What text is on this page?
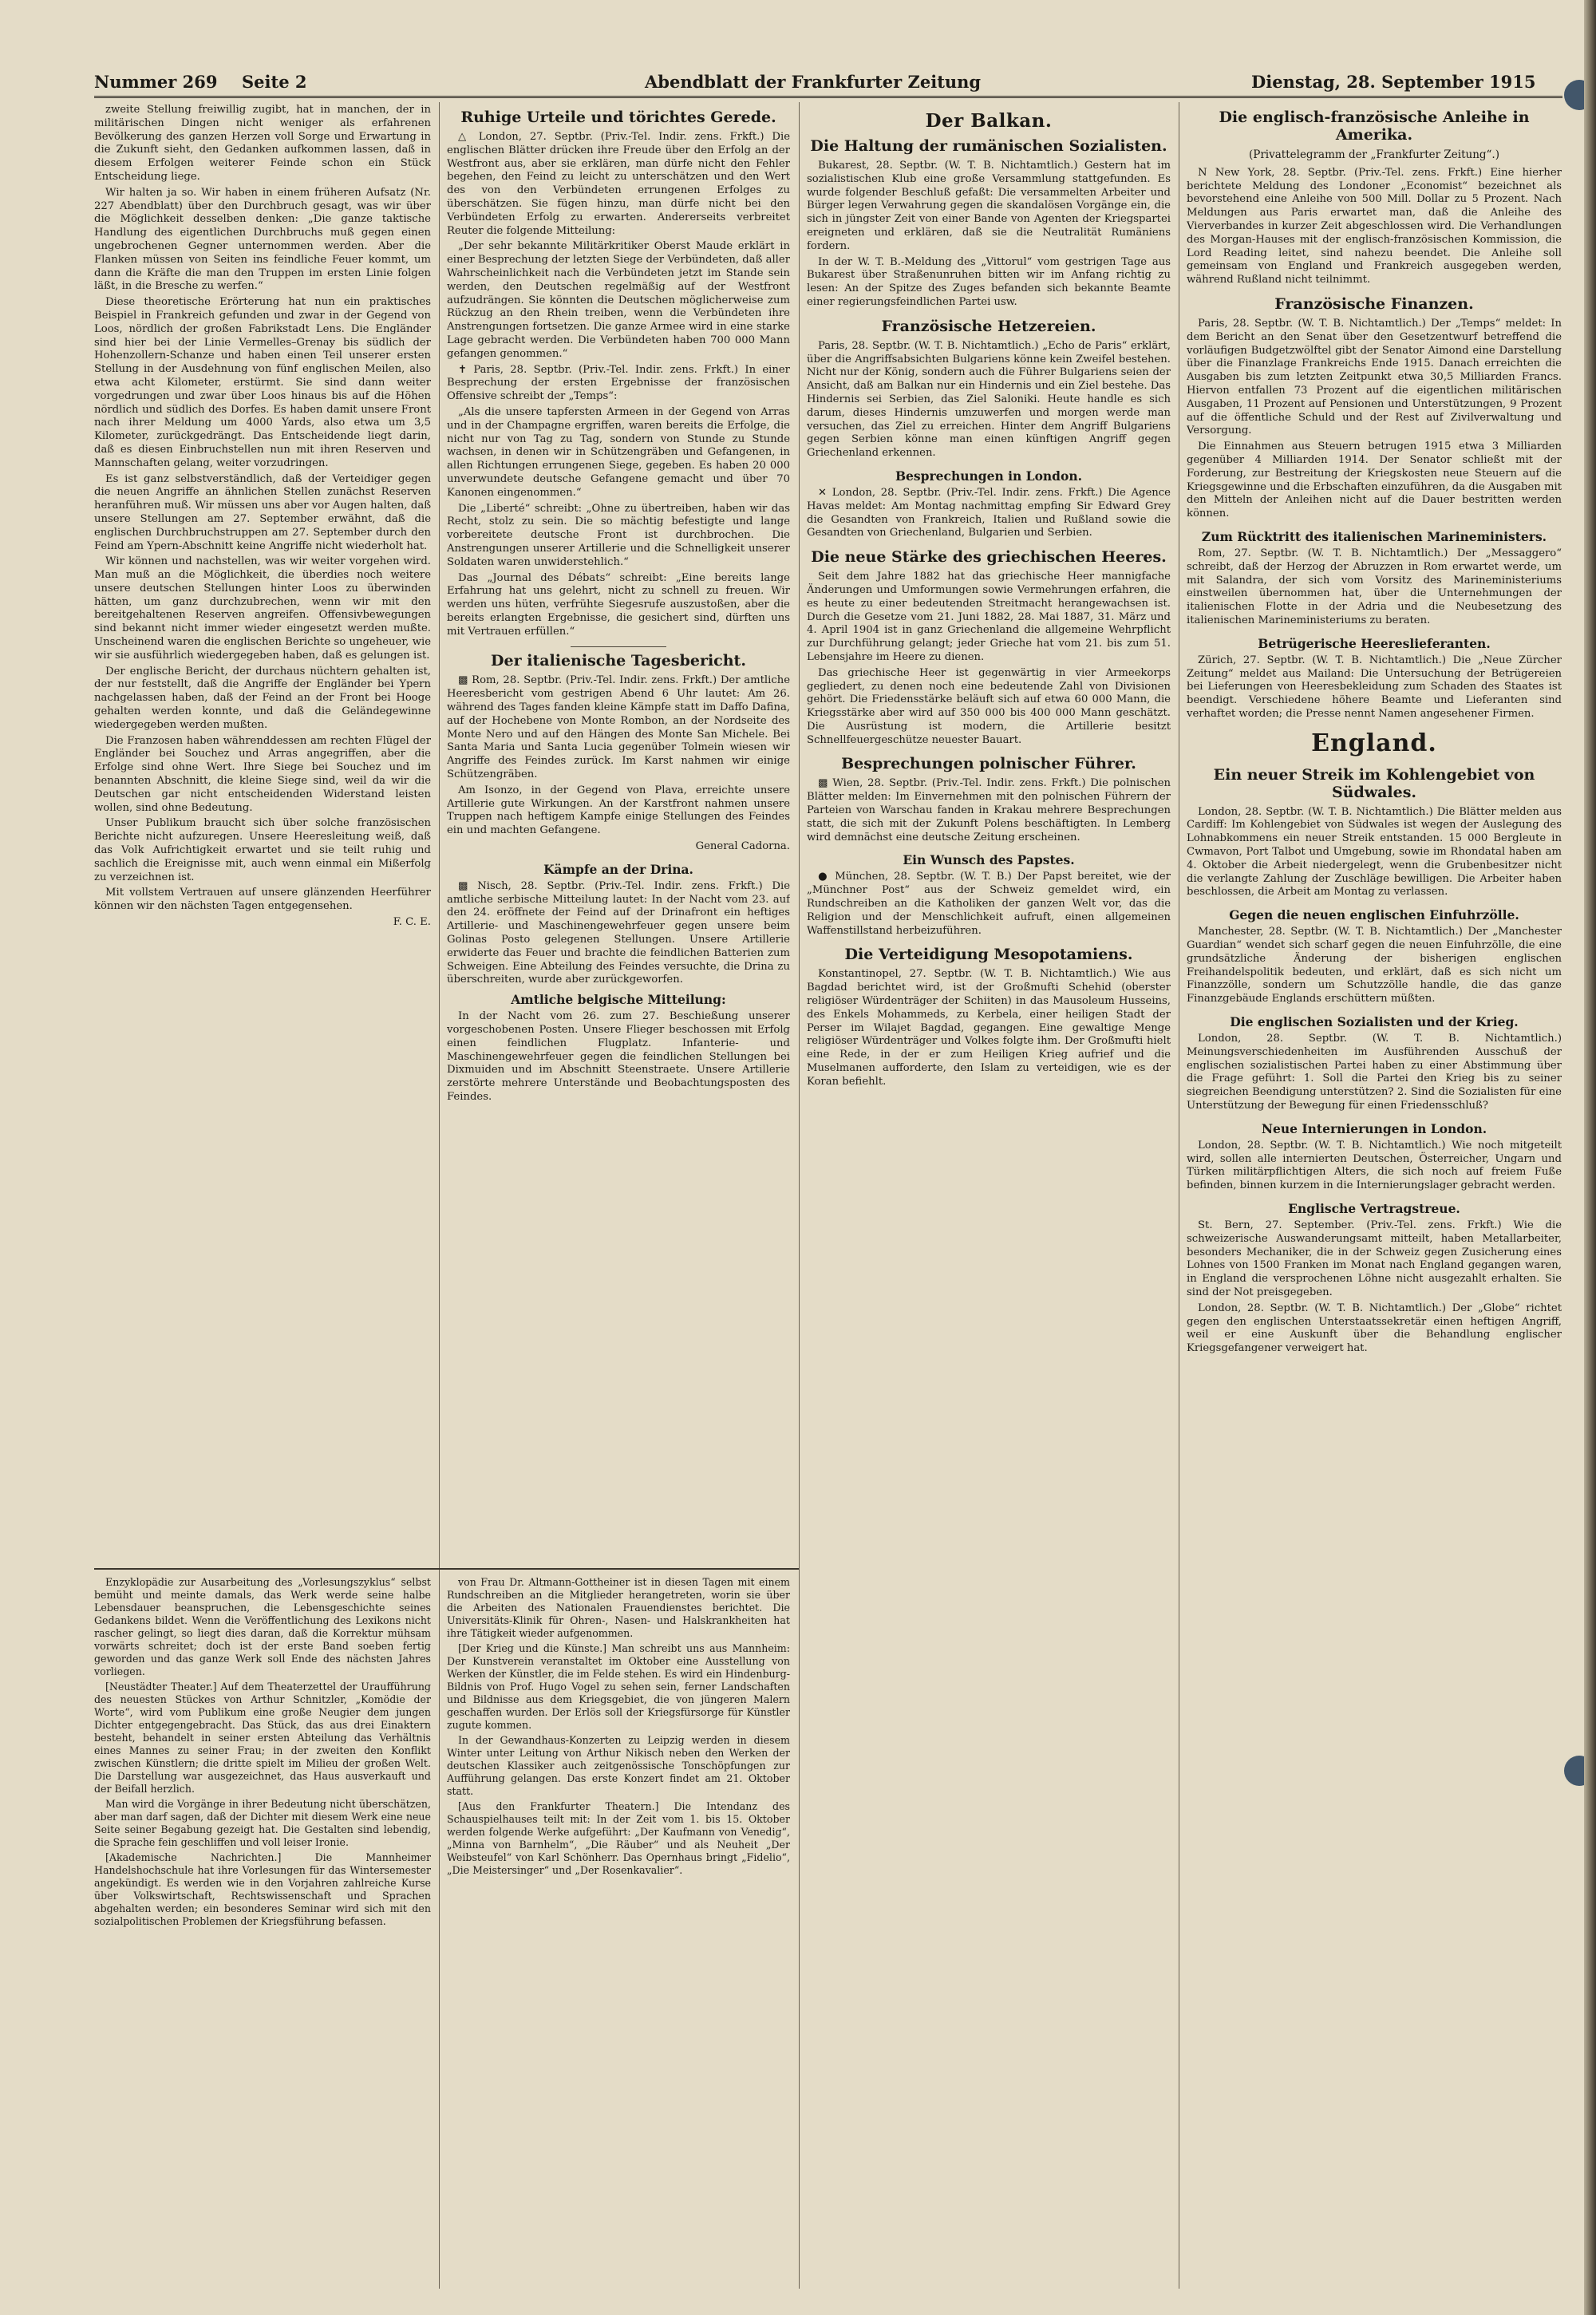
Nummer 269 Seite 2	Abendblatt der Frankfurter Zeitung	Dienstag, 28. September 1915

zweite Stellung freiwillig zugibt, hat in manchen, der in militärischen Dingen nicht weniger als erfahrenen Bevölkerung des ganzen Herzen voll Sorge und Erwartung in die Zukunft sieht, den Gedanken aufkommen lassen, daß in diesem Erfolgen weiterer Feinde schon ein Stück Entscheidung liege.

Wir halten ja so. Wir haben in einem früheren Aufsatz (Nr. 227 Abendblatt) über den Durchbruch gesagt, was wir über die Möglichkeit desselben denken: „Die ganze taktische Handlung des eigentlichen Durchbruchs muß gegen einen ungebrochenen Gegner unternommen werden. Aber die Flanken müssen von Seiten ins feindliche Feuer kommt, um dann die Kräfte die man den Truppen im ersten Linie folgen läßt, in die Bresche zu werfen.“

Diese theoretische Erörterung hat nun ein praktisches Beispiel in Frankreich gefunden und zwar in der Gegend von Loos, nördlich der großen Fabrikstadt Lens. Die Engländer sind hier bei der Linie Vermelles–Grenay bis südlich der Hohenzollern-Schanze und haben einen Teil unserer ersten Stellung in der Ausdehnung von fünf englischen Meilen, also etwa acht Kilometer, erstürmt. Sie sind dann weiter vorgedrungen und zwar über Loos hinaus bis auf die Höhen nördlich und südlich des Dorfes. Es haben damit unsere Front nach ihrer Meldung um 4000 Yards, also etwa um 3,5 Kilometer, zurückgedrängt. Das Entscheidende liegt darin, daß es diesen Einbruchstellen nun mit ihren Reserven und Mannschaften gelang, weiter vorzudringen.

Es ist ganz selbstverständlich, daß der Verteidiger gegen die neuen Angriffe an ähnlichen Stellen zunächst Reserven heranführen muß. Wir müssen uns aber vor Augen halten, daß unsere Stellungen am 27. September erwähnt, daß die englischen Durchbruchstruppen am 27. September durch den Feind am Ypern-Abschnitt keine Angriffe nicht wiederholt hat.

Wir können und nachstellen, was wir weiter vorgehen wird. Man muß an die Möglichkeit, die überdies noch weitere unsere deutschen Stellungen hinter Loos zu überwinden hätten, um ganz durchzubrechen, wenn wir mit den bereitgehaltenen Reserven angreifen. Offensivbewegungen sind bekannt nicht immer wieder eingesetzt werden mußte. Unscheinend waren die englischen Berichte so ungeheuer, wie wir sie ausführlich wiedergegeben haben, daß es gelungen ist.

Der englische Bericht, der durchaus nüchtern gehalten ist, der nur feststellt, daß die Angriffe der Engländer bei Ypern nachgelassen haben, daß der Feind an der Front bei Hooge gehalten werden konnte, und daß die Geländegewinne wiedergegeben werden mußten.

Die Franzosen haben währenddessen am rechten Flügel der Engländer bei Souchez und Arras angegriffen, aber die Erfolge sind ohne Wert. Ihre Siege bei Souchez und im benannten Abschnitt, die kleine Siege sind, weil da wir die Deutschen gar nicht entscheidenden Widerstand leisten wollen, sind ohne Bedeutung.

Unser Publikum braucht sich über solche französischen Berichte nicht aufzuregen. Unsere Heeresleitung weiß, daß das Volk Aufrichtigkeit erwartet und sie teilt ruhig und sachlich die Ereignisse mit, auch wenn einmal ein Mißerfolg zu verzeichnen ist.

Mit vollstem Vertrauen auf unsere glänzenden Heerführer können wir den nächsten Tagen entgegensehen.

F. C. E.
Ruhige Urteile und törichtes Gerede.

△ London, 27. Septbr. (Priv.-Tel. Indir. zens. Frkft.) Die englischen Blätter drücken ihre Freude über den Erfolg an der Westfront aus, aber sie erklären, man dürfe nicht den Fehler begehen, den Feind zu leicht zu unterschätzen und den Wert des von den Verbündeten errungenen Erfolges zu überschätzen. Sie fügen hinzu, man dürfe nicht bei den Verbündeten Erfolg zu erwarten. Andererseits verbreitet Reuter die folgende Mitteilung:

„Der sehr bekannte Militärkritiker Oberst Maude erklärt in einer Besprechung der letzten Siege der Verbündeten, daß aller Wahrscheinlichkeit nach die Verbündeten jetzt im Stande sein werden, den Deutschen regelmäßig auf der Westfront aufzudrängen. Sie könnten die Deutschen möglicherweise zum Rückzug an den Rhein treiben, wenn die Verbündeten ihre Anstrengungen fortsetzen. Die ganze Armee wird in eine starke Lage gebracht werden. Die Verbündeten haben 700 000 Mann gefangen genommen.“

✝ Paris, 28. Septbr. (Priv.-Tel. Indir. zens. Frkft.) In einer Besprechung der ersten Ergebnisse der französischen Offensive schreibt der „Temps“:

„Als die unsere tapfersten Armeen in der Gegend von Arras und in der Champagne ergriffen, waren bereits die Erfolge, die nicht nur von Tag zu Tag, sondern von Stunde zu Stunde wachsen, in denen wir in Schützengräben und Gefangenen, in allen Richtungen errungenen Siege, gegeben. Es haben 20 000 unverwundete deutsche Gefangene gemacht und über 70 Kanonen eingenommen.“

Die „Liberté“ schreibt: „Ohne zu übertreiben, haben wir das Recht, stolz zu sein. Die so mächtig befestigte und lange vorbereitete deutsche Front ist durchbrochen. Die Anstrengungen unserer Artillerie und die Schnelligkeit unserer Soldaten waren unwiderstehlich.“

Das „Journal des Débats“ schreibt: „Eine bereits lange Erfahrung hat uns gelehrt, nicht zu schnell zu freuen. Wir werden uns hüten, verfrühte Siegesrufe auszustoßen, aber die bereits erlangten Ergebnisse, die gesichert sind, dürften uns mit Vertrauen erfüllen.“

Der italienische Tagesbericht.

▩ Rom, 28. Septbr. (Priv.-Tel. Indir. zens. Frkft.) Der amtliche Heeresbericht vom gestrigen Abend 6 Uhr lautet: Am 26. während des Tages fanden kleine Kämpfe statt im Daffo Dafina, auf der Hochebene von Monte Rombon, an der Nordseite des Monte Nero und auf den Hängen des Monte San Michele. Bei Santa Maria und Santa Lucia gegenüber Tolmein wiesen wir Angriffe des Feindes zurück. Im Karst nahmen wir einige Schützengräben.

Am Isonzo, in der Gegend von Plava, erreichte unsere Artillerie gute Wirkungen. An der Karstfront nahmen unsere Truppen nach heftigem Kampfe einige Stellungen des Feindes ein und machten Gefangene.

General Cadorna.
Kämpfe an der Drina.

▩ Nisch, 28. Septbr. (Priv.-Tel. Indir. zens. Frkft.) Die amtliche serbische Mitteilung lautet: In der Nacht vom 23. auf den 24. eröffnete der Feind auf der Drinafront ein heftiges Artillerie- und Maschinengewehrfeuer gegen unsere beim Golinas Posto gelegenen Stellungen. Unsere Artillerie erwiderte das Feuer und brachte die feindlichen Batterien zum Schweigen. Eine Abteilung des Feindes versuchte, die Drina zu überschreiten, wurde aber zurückgeworfen.

Amtliche belgische Mitteilung:

In der Nacht vom 26. zum 27. Beschießung unserer vorgeschobenen Posten. Unsere Flieger beschossen mit Erfolg einen feindlichen Flugplatz. Infanterie- und Maschinengewehrfeuer gegen die feindlichen Stellungen bei Dixmuiden und im Abschnitt Steenstraete. Unsere Artillerie zerstörte mehrere Unterstände und Beobachtungsposten des Feindes.

Der Balkan.
Die Haltung der rumänischen Sozialisten.

Bukarest, 28. Septbr. (W. T. B. Nichtamtlich.) Gestern hat im sozialistischen Klub eine große Versammlung stattgefunden. Es wurde folgender Beschluß gefaßt: Die versammelten Arbeiter und Bürger legen Verwahrung gegen die skandalösen Vorgänge ein, die sich in jüngster Zeit von einer Bande von Agenten der Kriegspartei ereigneten und erklären, daß sie die Neutralität Rumäniens fordern.

In der W. T. B.-Meldung des „Vittorul“ vom gestrigen Tage aus Bukarest über Straßenunruhen bitten wir im Anfang richtig zu lesen: An der Spitze des Zuges befanden sich bekannte Beamte einer regierungsfeindlichen Partei usw.

Französische Hetzereien.

Paris, 28. Septbr. (W. T. B. Nichtamtlich.) „Echo de Paris“ erklärt, über die Angriffsabsichten Bulgariens könne kein Zweifel bestehen. Nicht nur der König, sondern auch die Führer Bulgariens seien der Ansicht, daß am Balkan nur ein Hindernis und ein Ziel bestehe. Das Hindernis sei Serbien, das Ziel Saloniki. Heute handle es sich darum, dieses Hindernis umzuwerfen und morgen werde man versuchen, das Ziel zu erreichen. Hinter dem Angriff Bulgariens gegen Serbien könne man einen künftigen Angriff gegen Griechenland erkennen.

Besprechungen in London.

✕ London, 28. Septbr. (Priv.-Tel. Indir. zens. Frkft.) Die Agence Havas meldet: Am Montag nachmittag empfing Sir Edward Grey die Gesandten von Frankreich, Italien und Rußland sowie die Gesandten von Griechenland, Bulgarien und Serbien.

Die neue Stärke des griechischen Heeres.

Seit dem Jahre 1882 hat das griechische Heer mannigfache Änderungen und Umformungen sowie Vermehrungen erfahren, die es heute zu einer bedeutenden Streitmacht herangewachsen ist. Durch die Gesetze vom 21. Juni 1882, 28. Mai 1887, 31. März und 4. April 1904 ist in ganz Griechenland die allgemeine Wehrpflicht zur Durchführung gelangt; jeder Grieche hat vom 21. bis zum 51. Lebensjahre im Heere zu dienen.

Das griechische Heer ist gegenwärtig in vier Armeekorps gegliedert, zu denen noch eine bedeutende Zahl von Divisionen gehört. Die Friedensstärke beläuft sich auf etwa 60 000 Mann, die Kriegsstärke aber wird auf 350 000 bis 400 000 Mann geschätzt. Die Ausrüstung ist modern, die Artillerie besitzt Schnellfeuergeschütze neuester Bauart.

Besprechungen polnischer Führer.

▩ Wien, 28. Septbr. (Priv.-Tel. Indir. zens. Frkft.) Die polnischen Blätter melden: Im Einvernehmen mit den polnischen Führern der Parteien von Warschau fanden in Krakau mehrere Besprechungen statt, die sich mit der Zukunft Polens beschäftigten. In Lemberg wird demnächst eine deutsche Zeitung erscheinen.

Ein Wunsch des Papstes.

● München, 28. Septbr. (W. T. B.) Der Papst bereitet, wie der „Münchner Post“ aus der Schweiz gemeldet wird, ein Rundschreiben an die Katholiken der ganzen Welt vor, das die Religion und der Menschlichkeit aufruft, einen allgemeinen Waffenstillstand herbeizuführen.

Die Verteidigung Mesopotamiens.

Konstantinopel, 27. Septbr. (W. T. B. Nichtamtlich.) Wie aus Bagdad berichtet wird, ist der Großmufti Schehid (oberster religiöser Würdenträger der Schiiten) in das Mausoleum Husseins, des Enkels Mohammeds, zu Kerbela, einer heiligen Stadt der Perser im Wilajet Bagdad, gegangen. Eine gewaltige Menge religiöser Würdenträger und Volkes folgte ihm. Der Großmufti hielt eine Rede, in der er zum Heiligen Krieg aufrief und die Muselmanen aufforderte, den Islam zu verteidigen, wie es der Koran befiehlt.

Die englisch-französische Anleihe in Amerika.
(Privattelegramm der „Frankfurter Zeitung“.)

N New York, 28. Septbr. (Priv.-Tel. zens. Frkft.) Eine hierher berichtete Meldung des Londoner „Economist“ bezeichnet als bevorstehend eine Anleihe von 500 Mill. Dollar zu 5 Prozent. Nach Meldungen aus Paris erwartet man, daß die Anleihe des Vierverbandes in kurzer Zeit abgeschlossen wird. Die Verhandlungen des Morgan-Hauses mit der englisch-französischen Kommission, die Lord Reading leitet, sind nahezu beendet. Die Anleihe soll gemeinsam von England und Frankreich ausgegeben werden, während Rußland nicht teilnimmt.

Französische Finanzen.

Paris, 28. Septbr. (W. T. B. Nichtamtlich.) Der „Temps“ meldet: In dem Bericht an den Senat über den Gesetzentwurf betreffend die vorläufigen Budgetzwölftel gibt der Senator Aimond eine Darstellung über die Finanzlage Frankreichs Ende 1915. Danach erreichten die Ausgaben bis zum letzten Zeitpunkt etwa 30,5 Milliarden Francs. Hiervon entfallen 73 Prozent auf die eigentlichen militärischen Ausgaben, 11 Prozent auf Pensionen und Unterstützungen, 9 Prozent auf die öffentliche Schuld und der Rest auf Zivilverwaltung und Versorgung.

Die Einnahmen aus Steuern betrugen 1915 etwa 3 Milliarden gegenüber 4 Milliarden 1914. Der Senator schließt mit der Forderung, zur Bestreitung der Kriegskosten neue Steuern auf die Kriegsgewinne und die Erbschaften einzuführen, da die Ausgaben mit den Mitteln der Anleihen nicht auf die Dauer bestritten werden können.

Zum Rücktritt des italienischen Marineministers.

Rom, 27. Septbr. (W. T. B. Nichtamtlich.) Der „Messaggero“ schreibt, daß der Herzog der Abruzzen in Rom erwartet werde, um mit Salandra, der sich vom Vorsitz des Marineministeriums einstweilen übernommen hat, über die Unternehmungen der italienischen Flotte in der Adria und die Neubesetzung des italienischen Marineministeriums zu beraten.

Betrügerische Heereslieferanten.

Zürich, 27. Septbr. (W. T. B. Nichtamtlich.) Die „Neue Zürcher Zeitung“ meldet aus Mailand: Die Untersuchung der Betrügereien bei Lieferungen von Heeresbekleidung zum Schaden des Staates ist beendigt. Verschiedene höhere Beamte und Lieferanten sind verhaftet worden; die Presse nennt Namen angesehener Firmen.

England.
Ein neuer Streik im Kohlengebiet von Südwales.

London, 28. Septbr. (W. T. B. Nichtamtlich.) Die Blätter melden aus Cardiff: Im Kohlengebiet von Südwales ist wegen der Auslegung des Lohnabkommens ein neuer Streik entstanden. 15 000 Bergleute in Cwmavon, Port Talbot und Umgebung, sowie im Rhondatal haben am 4. Oktober die Arbeit niedergelegt, wenn die Grubenbesitzer nicht die verlangte Zahlung der Zuschläge bewilligen. Die Arbeiter haben beschlossen, die Arbeit am Montag zu verlassen.

Gegen die neuen englischen Einfuhrzölle.

Manchester, 28. Septbr. (W. T. B. Nichtamtlich.) Der „Manchester Guardian“ wendet sich scharf gegen die neuen Einfuhrzölle, die eine grundsätzliche Änderung der bisherigen englischen Freihandelspolitik bedeuten, und erklärt, daß es sich nicht um Finanzzölle, sondern um Schutzzölle handle, die das ganze Finanzgebäude Englands erschüttern müßten.

Die englischen Sozialisten und der Krieg.

London, 28. Septbr. (W. T. B. Nichtamtlich.) Meinungsverschiedenheiten im Ausführenden Ausschuß der englischen sozialistischen Partei haben zu einer Abstimmung über die Frage geführt: 1. Soll die Partei den Krieg bis zu seiner siegreichen Beendigung unterstützen? 2. Sind die Sozialisten für eine Unterstützung der Bewegung für einen Friedensschluß?

Neue Internierungen in London.

London, 28. Septbr. (W. T. B. Nichtamtlich.) Wie noch mitgeteilt wird, sollen alle internierten Deutschen, Österreicher, Ungarn und Türken militärpflichtigen Alters, die sich noch auf freiem Fuße befinden, binnen kurzem in die Internierungslager gebracht werden.

Englische Vertragstreue.

St. Bern, 27. September. (Priv.-Tel. zens. Frkft.) Wie die schweizerische Auswanderungsamt mitteilt, haben Metallarbeiter, besonders Mechaniker, die in der Schweiz gegen Zusicherung eines Lohnes von 1500 Franken im Monat nach England gegangen waren, in England die versprochenen Löhne nicht ausgezahlt erhalten. Sie sind der Not preisgegeben.

London, 28. Septbr. (W. T. B. Nichtamtlich.) Der „Globe“ richtet gegen den englischen Unterstaatssekretär einen heftigen Angriff, weil er eine Auskunft über die Behandlung englischer Kriegsgefangener verweigert hat.

Enzyklopädie zur Ausarbeitung des „Vorlesungszyklus“ selbst bemüht und meinte damals, das Werk werde seine halbe Lebensdauer beanspruchen, die Lebensgeschichte seines Gedankens bildet. Wenn die Veröffentlichung des Lexikons nicht rascher gelingt, so liegt dies daran, daß die Korrektur mühsam vorwärts schreitet; doch ist der erste Band soeben fertig geworden und das ganze Werk soll Ende des nächsten Jahres vorliegen.

[Neustädter Theater.] Auf dem Theaterzettel der Uraufführung des neuesten Stückes von Arthur Schnitzler, „Komödie der Worte“, wird vom Publikum eine große Neugier dem jungen Dichter entgegengebracht. Das Stück, das aus drei Einaktern besteht, behandelt in seiner ersten Abteilung das Verhältnis eines Mannes zu seiner Frau; in der zweiten den Konflikt zwischen Künstlern; die dritte spielt im Milieu der großen Welt. Die Darstellung war ausgezeichnet, das Haus ausverkauft und der Beifall herzlich.

Man wird die Vorgänge in ihrer Bedeutung nicht überschätzen, aber man darf sagen, daß der Dichter mit diesem Werk eine neue Seite seiner Begabung gezeigt hat. Die Gestalten sind lebendig, die Sprache fein geschliffen und voll leiser Ironie.

[Akademische Nachrichten.] Die Mannheimer Handelshochschule hat ihre Vorlesungen für das Wintersemester angekündigt. Es werden wie in den Vorjahren zahlreiche Kurse über Volkswirtschaft, Rechtswissenschaft und Sprachen abgehalten werden; ein besonderes Seminar wird sich mit den sozialpolitischen Problemen der Kriegsführung befassen.

von Frau Dr. Altmann-Gottheiner ist in diesen Tagen mit einem Rundschreiben an die Mitglieder herangetreten, worin sie über die Arbeiten des Nationalen Frauendienstes berichtet. Die Universitäts-Klinik für Ohren-, Nasen- und Halskrankheiten hat ihre Tätigkeit wieder aufgenommen.

[Der Krieg und die Künste.] Man schreibt uns aus Mannheim: Der Kunstverein veranstaltet im Oktober eine Ausstellung von Werken der Künstler, die im Felde stehen. Es wird ein Hindenburg-Bildnis von Prof. Hugo Vogel zu sehen sein, ferner Landschaften und Bildnisse aus dem Kriegsgebiet, die von jüngeren Malern geschaffen wurden. Der Erlös soll der Kriegsfürsorge für Künstler zugute kommen.

In der Gewandhaus-Konzerten zu Leipzig werden in diesem Winter unter Leitung von Arthur Nikisch neben den Werken der deutschen Klassiker auch zeitgenössische Tonschöpfungen zur Aufführung gelangen. Das erste Konzert findet am 21. Oktober statt.

[Aus den Frankfurter Theatern.] Die Intendanz des Schauspielhauses teilt mit: In der Zeit vom 1. bis 15. Oktober werden folgende Werke aufgeführt: „Der Kaufmann von Venedig“, „Minna von Barnhelm“, „Die Räuber“ und als Neuheit „Der Weibsteufel“ von Karl Schönherr. Das Opernhaus bringt „Fidelio“, „Die Meistersinger“ und „Der Rosenkavalier“.
